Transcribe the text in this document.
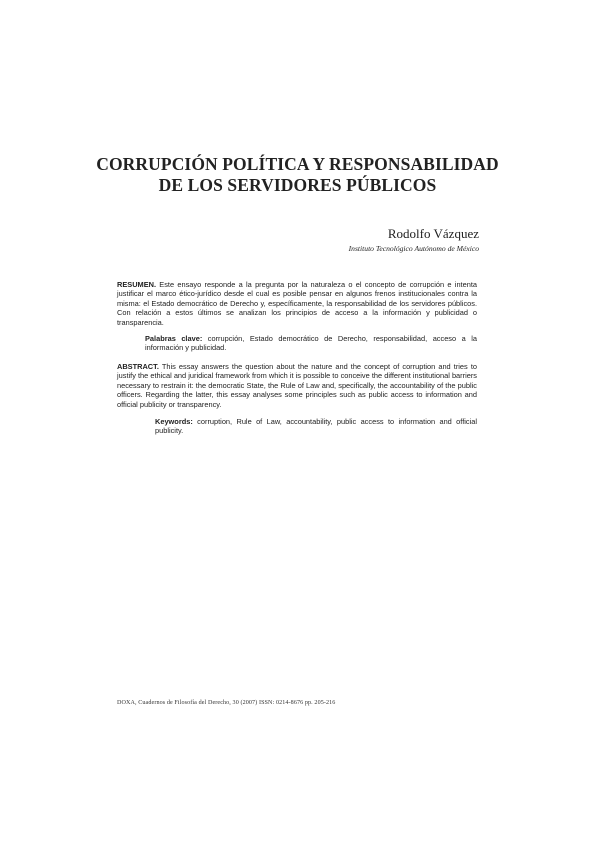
CORRUPCIÓN POLÍTICA Y RESPONSABILIDAD
DE LOS SERVIDORES PÚBLICOS
Rodolfo Vázquez
Instituto Tecnológico Autónomo de México
RESUMEN. Este ensayo responde a la pregunta por la naturaleza o el concepto de corrupción e intenta justificar el marco ético-jurídico desde el cual es posible pensar en algunos frenos institucionales contra la misma: el Estado democrático de Derecho y, específicamente, la responsabilidad de los servidores públicos. Con relación a estos últimos se analizan los principios de acceso a la información y publicidad o transparencia.
Palabras clave: corrupción, Estado democrático de Derecho, responsabilidad, acceso a la información y publicidad.
ABSTRACT. This essay answers the question about the nature and the concept of corruption and tries to justify the ethical and juridical framework from which it is possible to conceive the different institutional barriers necessary to restrain it: the democratic State, the Rule of Law and, specifically, the accountability of the public officers. Regarding the latter, this essay analyses some principles such as public access to information and official publicity or transparency.
Keywords: corruption, Rule of Law, accountability, public access to information and official publicity.
DOXA, Cuadernos de Filosofía del Derecho, 30 (2007) ISSN: 0214-8676 pp. 205-216
